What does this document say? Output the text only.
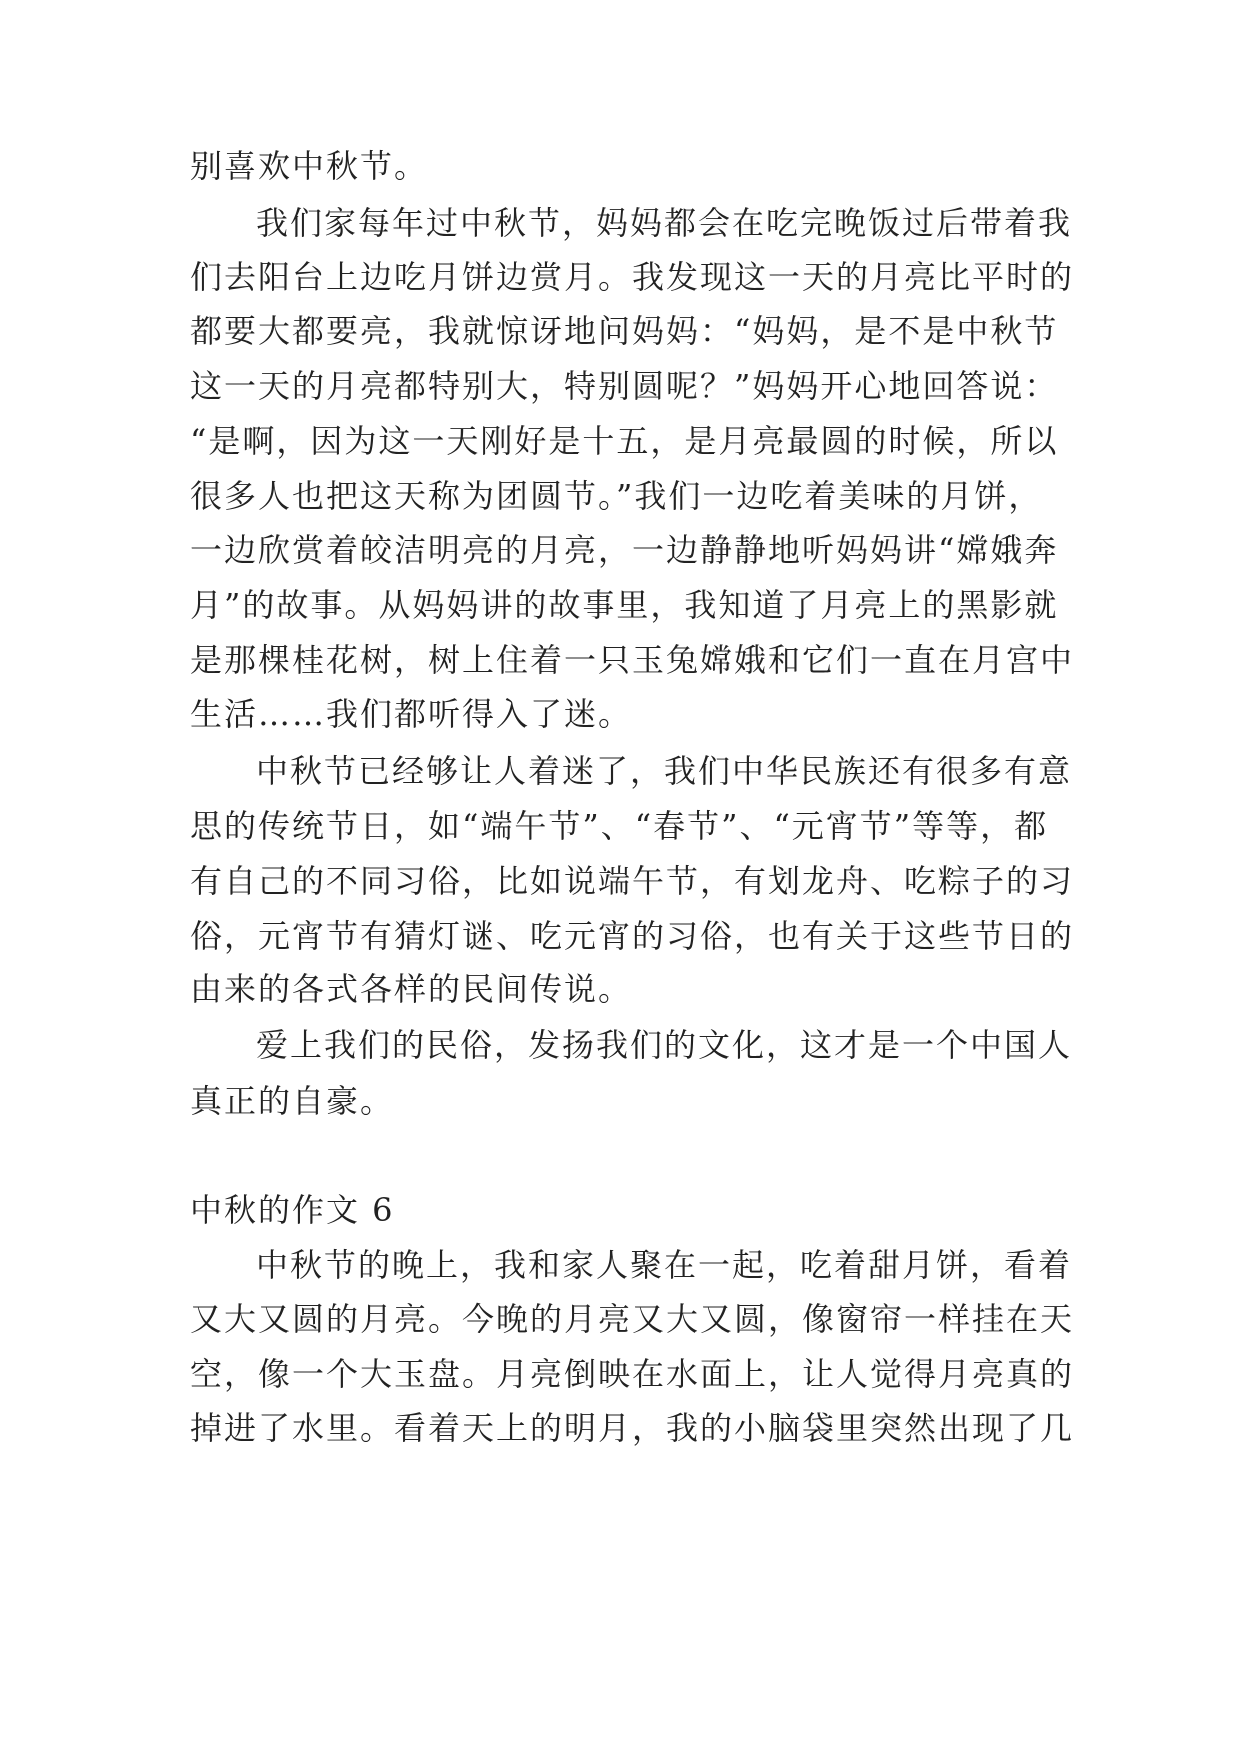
别喜欢中秋节。
我们家每年过中秋节，妈妈都会在吃完晚饭过后带着我
们去阳台上边吃月饼边赏月。我发现这一天的月亮比平时的
都要大都要亮，我就惊讶地问妈妈：“妈妈，是不是中秋节
这一天的月亮都特别大，特别圆呢？”妈妈开心地回答说：
“是啊，因为这一天刚好是十五，是月亮最圆的时候，所以
很多人也把这天称为团圆节。”我们一边吃着美味的月饼，
一边欣赏着皎洁明亮的月亮，一边静静地听妈妈讲“嫦娥奔
月”的故事。从妈妈讲的故事里，我知道了月亮上的黑影就
是那棵桂花树，树上住着一只玉兔嫦娥和它们一直在月宫中
生活……我们都听得入了迷。
中秋节已经够让人着迷了，我们中华民族还有很多有意
思的传统节日，如“端午节”、“春节”、“元宵节”等等，都
有自己的不同习俗，比如说端午节，有划龙舟、吃粽子的习
俗，元宵节有猜灯谜、吃元宵的习俗，也有关于这些节日的
由来的各式各样的民间传说。
爱上我们的民俗，发扬我们的文化，这才是一个中国人
真正的自豪。
中秋的作文 6
中秋节的晚上，我和家人聚在一起，吃着甜月饼，看着
又大又圆的月亮。今晚的月亮又大又圆，像窗帘一样挂在天
空，像一个大玉盘。月亮倒映在水面上，让人觉得月亮真的
掉进了水里。看着天上的明月，我的小脑袋里突然出现了几
